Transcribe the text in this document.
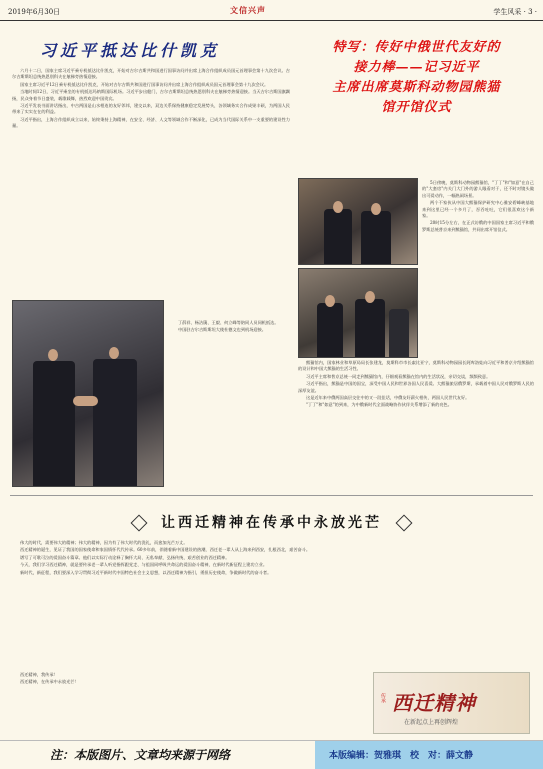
2019年6月30日	文信兴声	学生风采 · 3 ·
习近平抵达比什凯克

六月十二日，国家主席习近平乘专机抵达比什凯克，开始对吉尔吉斯共和国进行国事访问并出席上海合作组织成员国元首理事会第十九次会议。吉尔吉斯斯坦总统热恩别科夫在舷梯旁热情迎接。

国家主席习近平12日乘专机抵达比什凯克，开始对吉尔吉斯共和国进行国事访问并出席上海合作组织成员国元首理事会第十九次会议。

当地时间12日，习近平乘坐的专机抵达玛纳斯国际机场。习近平步出舱门，吉尔吉斯斯坦总统热恩别科夫在舷梯旁热情迎接。当天吉尔吉斯国旗飘扬，民众身着节日盛装，载歌载舞，热烈欢迎中国贵宾。

习近平发表书面讲话指出，中吉两国是山水相连的友好邻邦，建交以来，双边关系保持健康稳定发展势头，各领域务实合作成果丰硕，为两国人民带来了实实在在的利益。

习近平指出，上海合作组织成立以来，始终秉持上海精神，在安全、经济、人文等领域合作不断深化，已成为当代国际关系中一支重要的建设性力量。

丁薛祥、杨洁篪、王毅、何立峰等陪同人员同机抵达。

中国驻吉尔吉斯斯坦大使杜德文也到机场迎接。

特写：传好中俄世代友好的
接力棒——记习近平
主席出席莫斯科动物园熊猫
馆开馆仪式

5日傍晚，莫斯科动物园熊猫馆，"丁丁"和"如意"在自己的"大套房"内关门大门外的游人眼看对于，还不时对镜头做出可爱动作，一幅热闹场景。

两个不家伙从中国大熊猫保护研究中心雅安碧峰峡基地来到这里已经一个多月了，吞吞吐吐，它们很喜欢这个新家。

20时15分左右，在正式访俄的中国国家主席习近平和俄罗斯总统普京来到熊猫馆，共同出席开馆仪式。

熊猫馆内，国家林业和草原局局长张建龙，莫斯科市市长索比亚宁，莫斯科动物园园长阿库洛娃向习近平和普京介绍熊猫馆的设计和中国大熊猫的生活习性。

习近平主席和普京总统一同走到熊猫馆内，仔细观看熊猫在馆内的生活状况，亲切交谈，频频致意。

习近平指出，熊猫是中国的国宝，深受中国人民和世界各国人民喜爱。大熊猫旅居俄罗斯，承载着中国人民对俄罗斯人民的深厚友谊。

这是近年来中俄两国高层交往中的又一段佳话，中俄友好薪火相传，两国人民世代友好。

"丁丁"和"如意"的到来，为中俄新时代全面战略协作伙伴关系增添了新的亮色。

让西迁精神在传承中永放光芒

伟大的时代，需要伟大的精神；伟大的精神，因为有了伟大时代的洗礼，而愈加光芒万丈。

西迁精神的诞生，见证了我国的国家使命和家国情怀代代传承。60多年前，伴随着新中国建设的热潮，西迁老一辈人从上海来到西安，扎根西北，艰苦奋斗。

谱写了可歌可泣的爱国奋斗篇章。他们以实际行动诠释了胸怀大局、无私奉献、弘扬传统、艰苦创业的西迁精神。

今天，我们学习西迁精神，就是要传承老一辈人听党指挥跟党走、与祖国同呼吸共命运的爱国奋斗精神，在新时代新征程上建功立业。

新时代，新征程，我们要深入学习贯彻习近平新时代中国特色社会主义思想，以西迁精神为指引，勇担历史使命，争做新时代的奋斗者。

西迁精神，我传承！

西迁精神，在传承中永放光芒！

传承 西迁精神
在新起点上再创辉煌
注：本版图片、文章均来源于网络	本版编辑：贺雅琪　校　对：薛文静
